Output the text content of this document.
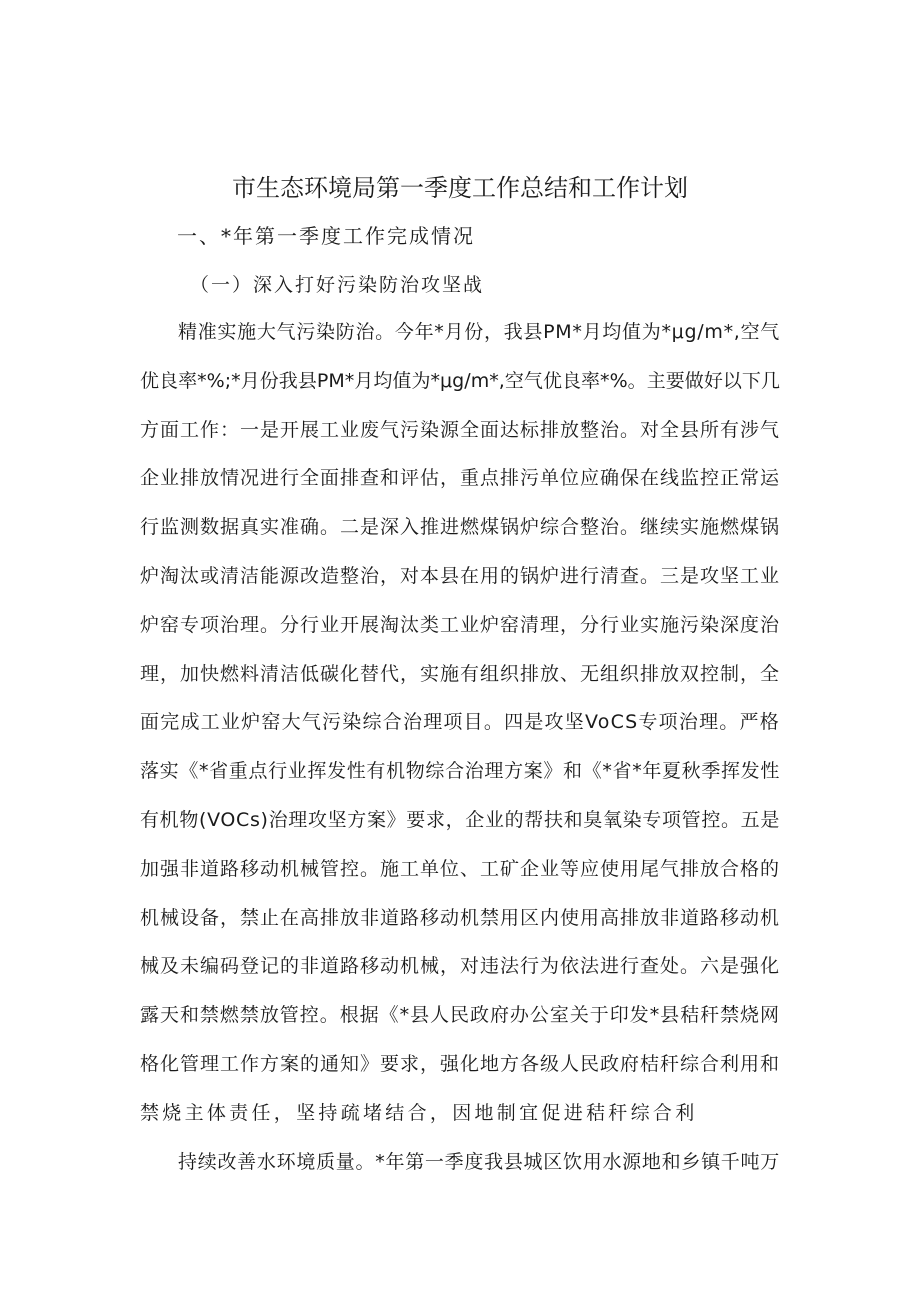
市生态环境局第一季度工作总结和工作计划
一、*年第一季度工作完成情况
（一）深入打好污染防治攻坚战

精准实施大气污染防治。今年*月份，我县PM*月均值为*μg∕m*,空气

优良率*%;*月份我县PM*月均值为*μg∕m*,空气优良率*%。主要做好以下几

方面工作：一是开展工业废气污染源全面达标排放整治。对全县所有涉气

企业排放情况进行全面排查和评估，重点排污单位应确保在线监控正常运

行监测数据真实准确。二是深入推进燃煤锅炉综合整治。继续实施燃煤锅

炉淘汰或清洁能源改造整治，对本县在用的锅炉进行清查。三是攻坚工业

炉窑专项治理。分行业开展淘汰类工业炉窑清理，分行业实施污染深度治

理，加快燃料清洁低碳化替代，实施有组织排放、无组织排放双控制，全

面完成工业炉窑大气污染综合治理项目。四是攻坚VoCS专项治理。严格

落实《*省重点行业挥发性有机物综合治理方案》和《*省*年夏秋季挥发性

有机物(VOCs)治理攻坚方案》要求，企业的帮扶和臭氧染专项管控。五是

加强非道路移动机械管控。施工单位、工矿企业等应使用尾气排放合格的

机械设备，禁止在高排放非道路移动机禁用区内使用高排放非道路移动机

械及未编码登记的非道路移动机械，对违法行为依法进行查处。六是强化

露天和禁燃禁放管控。根据《*县人民政府办公室关于印发*县秸秆禁烧网

格化管理工作方案的通知》要求，强化地方各级人民政府桔秆综合利用和

禁烧主体责任，坚持疏堵结合，因地制宜促进秸秆综合利

持续改善水环境质量。*年第一季度我县城区饮用水源地和乡镇千吨万
